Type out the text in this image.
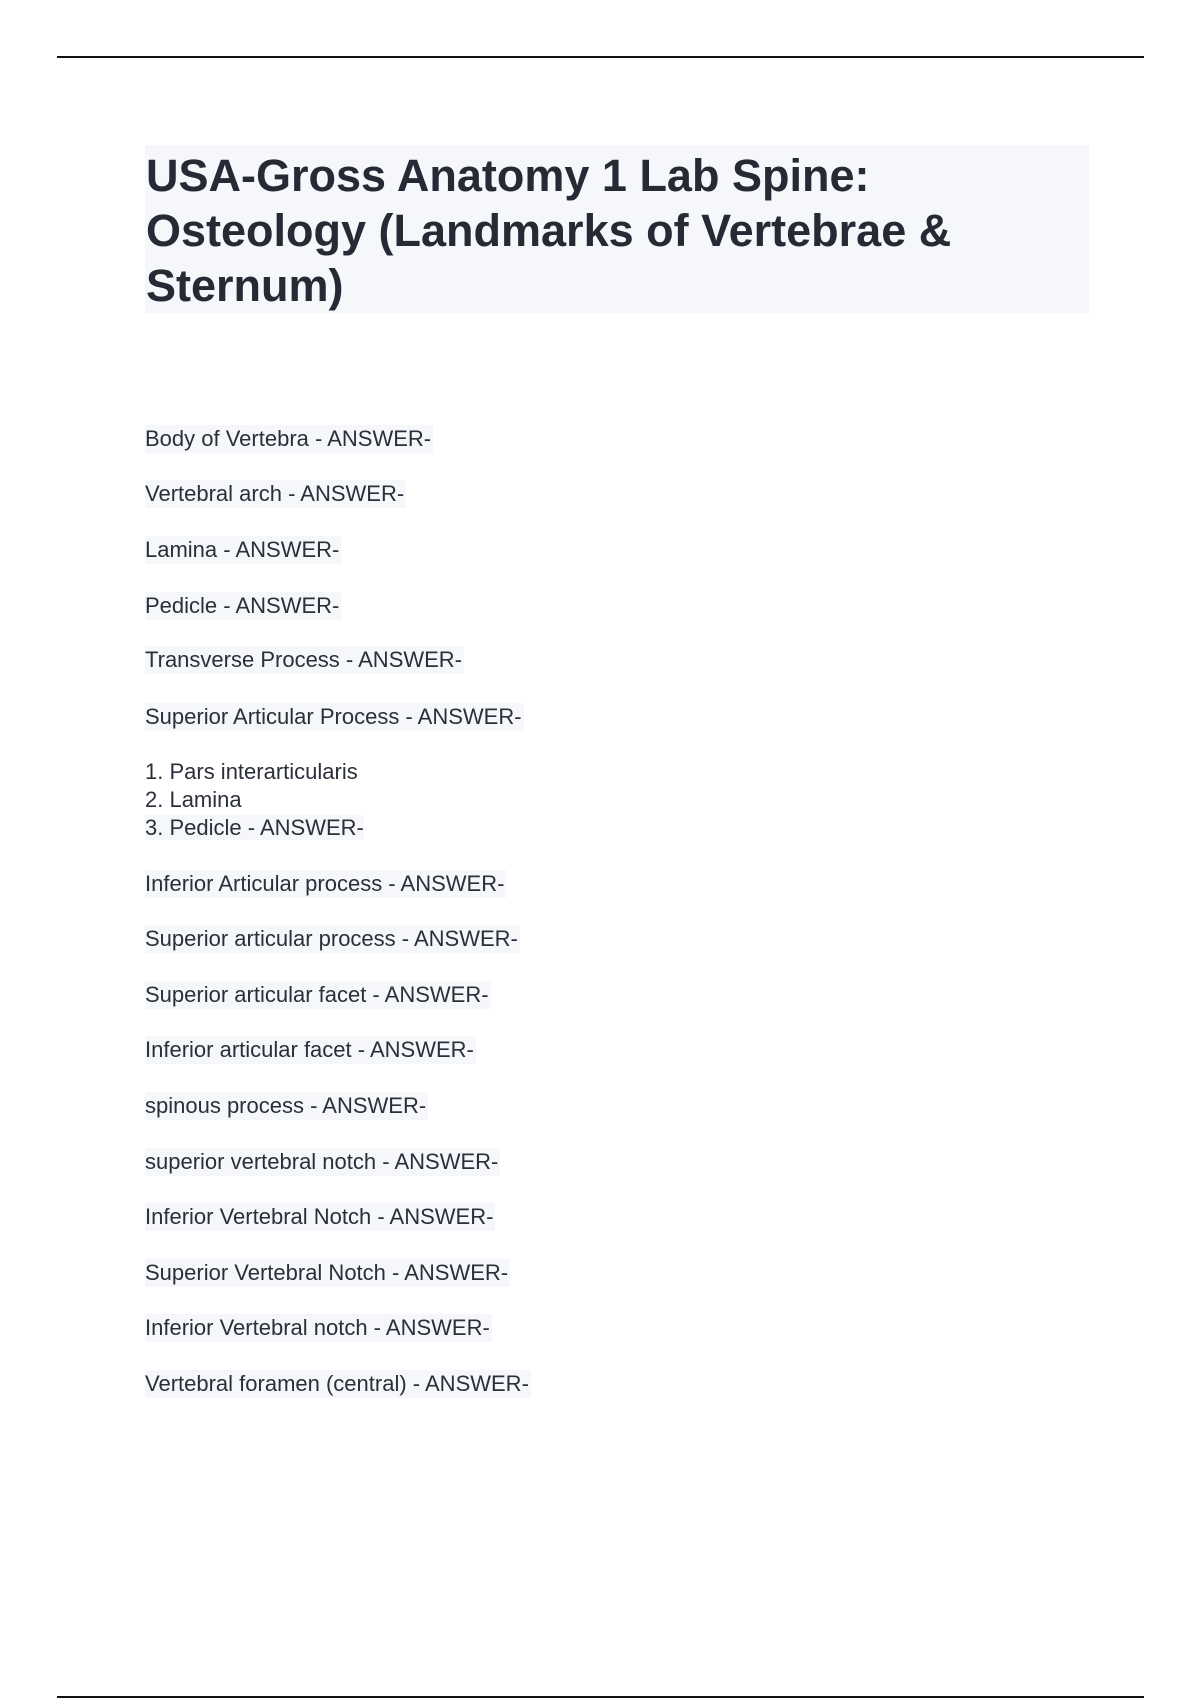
USA-Gross Anatomy 1 Lab Spine: Osteology (Landmarks of Vertebrae & Sternum)
Body of Vertebra - ANSWER-
Vertebral arch - ANSWER-
Lamina - ANSWER-
Pedicle - ANSWER-
Transverse Process - ANSWER-
Superior Articular Process - ANSWER-
1. Pars interarticularis
2. Lamina
3. Pedicle - ANSWER-
Inferior Articular process - ANSWER-
Superior articular process - ANSWER-
Superior articular facet - ANSWER-
Inferior articular facet - ANSWER-
spinous process - ANSWER-
superior vertebral notch - ANSWER-
Inferior Vertebral Notch - ANSWER-
Superior Vertebral Notch - ANSWER-
Inferior Vertebral notch - ANSWER-
Vertebral foramen (central) - ANSWER-
